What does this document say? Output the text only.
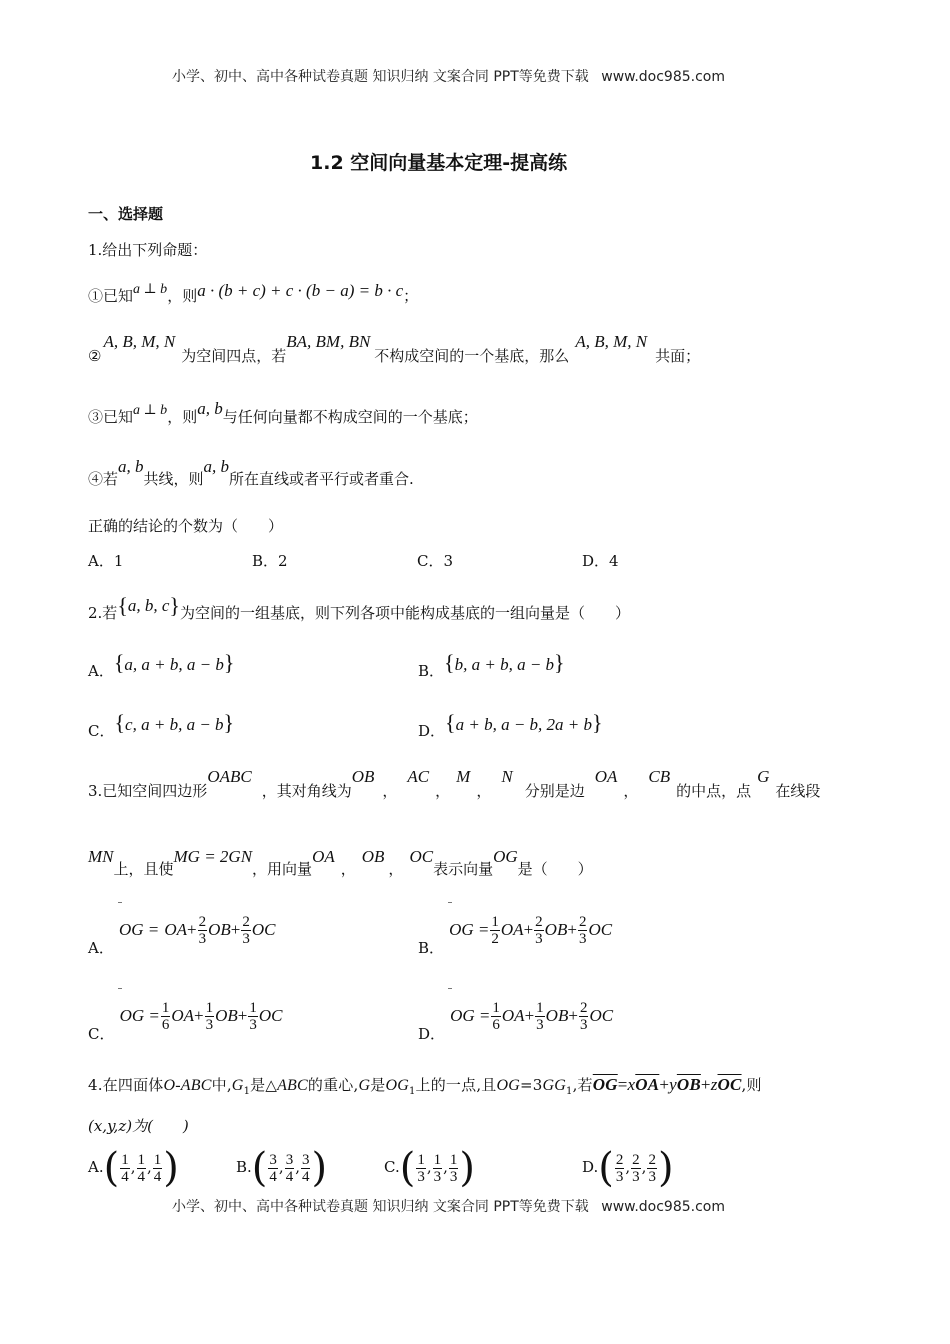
小学、初中、高中各种试卷真题 知识归纳 文案合同 PPT等免费下载 www.doc985.com
1.2 空间向量基本定理-提高练
一、选择题
1.给出下列命题：
①已知a ⊥ b，则a · (b + c) + c · (b − a) = b · c；
②A, B, M, N为空间四点，若BA, BM, BN不构成空间的一个基底，那么A, B, M, N共面；
③已知a ⊥ b，则a, b与任何向量都不构成空间的一个基底；
④若a, b共线，则a, b所在直线或者平行或者重合.
正确的结论的个数为（　　）
A．1	B．2	C．3	D．4
2.若{a, b, c}为空间的一组基底，则下列各项中能构成基底的一组向量是（　　）
A．{a, a + b, a − b}	B．{b, a + b, a − b}
C．{c, a + b, a − b}	D．{a + b, a − b, 2a + b}
3.已知空间四边形OABC，其对角线为OB，AC，M，N分别是边OA，CB的中点，点G在线段
MN上，且使MG = 2GN，用向量OA，OB，OC表示向量OG是（　　）
A． OG = $OA+ \frac{2}{3} OB+ \frac{2}{3}$ OC
B． OG = $\frac{1}{2} OA+ \frac{2}{3} OB+ \frac{2}{3}$ OC
C． OG = $\frac{1}{6} OA+ \frac{1}{3} OB+ \frac{1}{3}$ OC
D． OG = $\frac{1}{6} OA+ \frac{1}{3} OB+ \frac{2}{3}$ OC
4.在四面体O-ABC中$,G_1$是△ABC的重心,G是$OG_1$上的一点,且$OG=3GG_1$,若$\overline{OG}=x\overline{OA}+y\overline{OB}+z\overline{OC}$,则
(x,y,z)为(　　)
$A.( \frac{1}{4}$ , $\frac{1}{4}$ , $\frac{1}{4}$ )	$B.( \frac{3}{4}$ , $\frac{3}{4}$ , $\frac{3}{4}$ )	$C.( \frac{1}{3}$ , $\frac{1}{3}$ , $\frac{1}{3}$ )	$D.( \frac{2}{3}$ , $\frac{2}{3}$ , $\frac{2}{3}$ )
小学、初中、高中各种试卷真题 知识归纳 文案合同 PPT等免费下载 www.doc985.com
